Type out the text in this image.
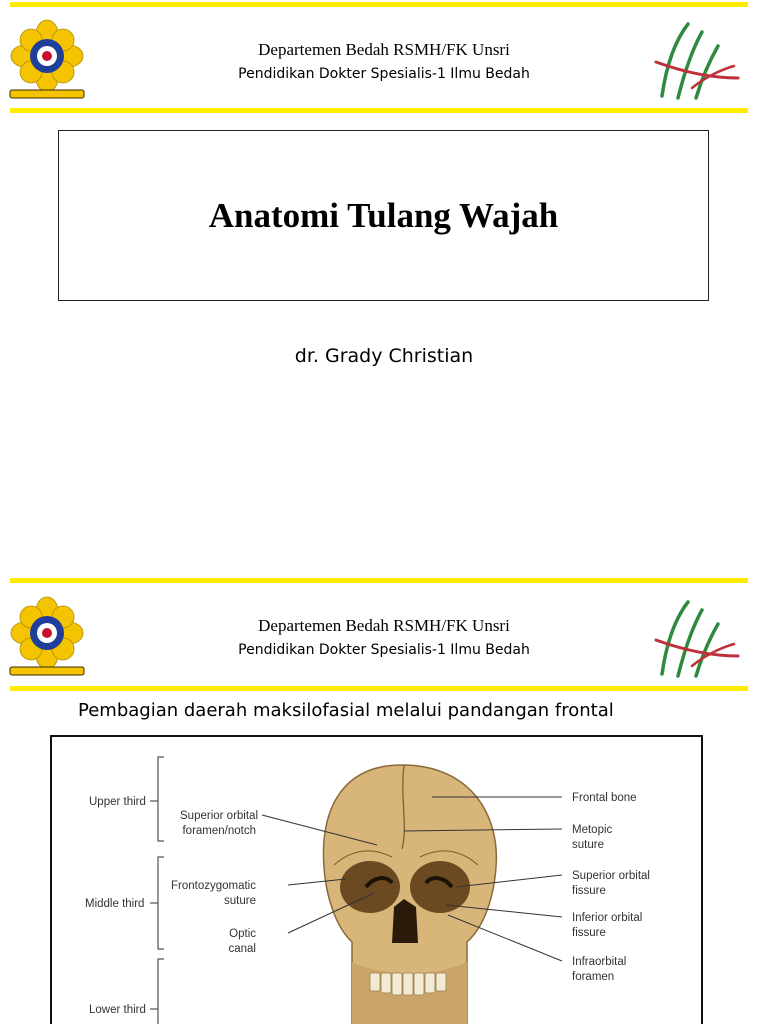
Departemen Bedah RSMH/FK Unsri
Pendidikan Dokter Spesialis-1 Ilmu Bedah
Anatomi Tulang Wajah
dr. Grady Christian
Departemen Bedah RSMH/FK Unsri
Pendidikan Dokter Spesialis-1 Ilmu Bedah
Pembagian daerah maksilofasial melalui pandangan frontal
Upper third
Middle third
Lower third
Superior orbital
foramen/notch
Frontozygomatic
suture
Optic
canal
Frontal bone
Metopic
suture
Superior orbital
fissure
Inferior orbital
fissure
Infraorbital
foramen
